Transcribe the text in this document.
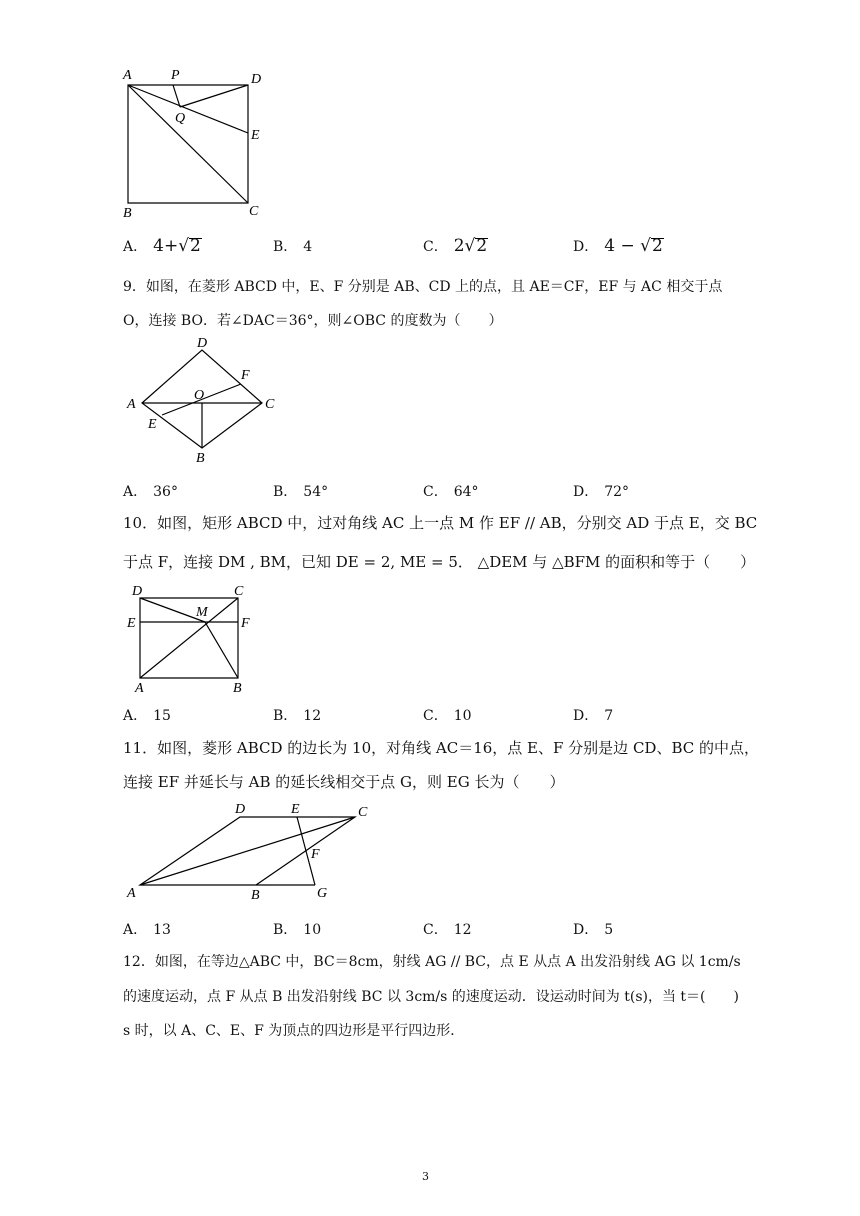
A	P	D
Q
E
B	C
A． 4+√2	B． 4	C． 2√2	D． 4 − √2
9．如图，在菱形 ABCD 中，E、F 分别是 AB、CD 上的点，且 AE＝CF，EF 与 AC 相交于点
O，连接 BO．若∠DAC＝36°，则∠OBC 的度数为（　　）
D
F
A
O
C
E
B
A． 36°	B． 54°	C． 64°	D． 72°
10．如图，矩形 ABCD 中，过对角线 AC 上一点 M 作 EF // AB，分别交 AD 于点 E，交 BC
于点 F，连接 DM , BM，已知 DE = 2, ME = 5． △DEM 与 △BFM 的面积和等于（　　）
D	C
M
E	F
A	B
A． 15	B． 12	C． 10	D． 7
11．如图，菱形 ABCD 的边长为 10，对角线 AC＝16，点 E、F 分别是边 CD、BC 的中点，
连接 EF 并延长与 AB 的延长线相交于点 G，则 EG 长为（　　）
D	E	C
F
A	B	G
A． 13	B． 10	C． 12	D． 5
12．如图，在等边△ABC 中，BC＝8cm，射线 AG // BC，点 E 从点 A 出发沿射线 AG 以 1cm/s
的速度运动，点 F 从点 B 出发沿射线 BC 以 3cm/s 的速度运动．设运动时间为 t(s)，当 t＝(　　)
s 时，以 A、C、E、F 为顶点的四边形是平行四边形．
3
